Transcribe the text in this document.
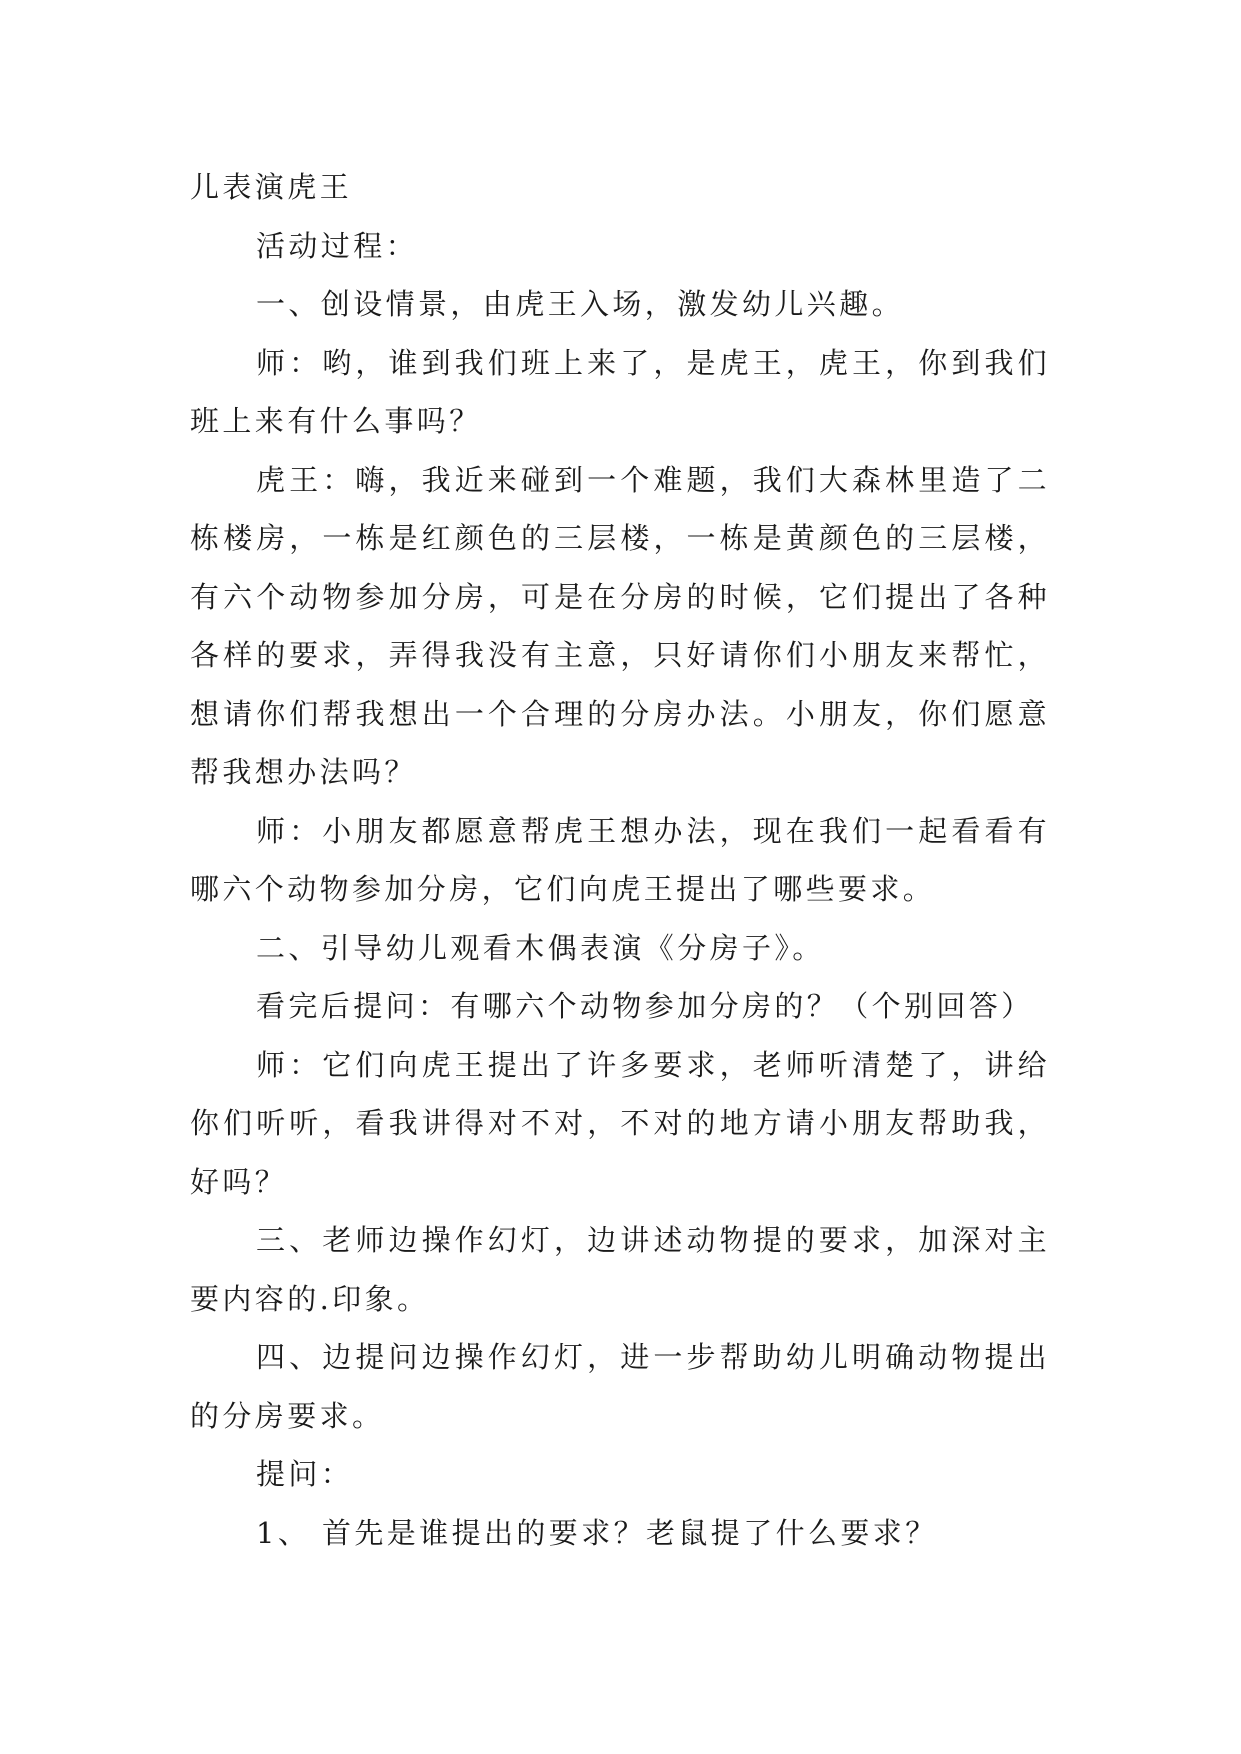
儿表演虎王

活动过程：

一、创设情景，由虎王入场，激发幼儿兴趣。

师：哟，谁到我们班上来了，是虎王，虎王，你到我们班上来有什么事吗？

虎王：嗨，我近来碰到一个难题，我们大森林里造了二栋楼房，一栋是红颜色的三层楼，一栋是黄颜色的三层楼，有六个动物参加分房，可是在分房的时候，它们提出了各种各样的要求，弄得我没有主意，只好请你们小朋友来帮忙，想请你们帮我想出一个合理的分房办法。小朋友，你们愿意帮我想办法吗？

师：小朋友都愿意帮虎王想办法，现在我们一起看看有哪六个动物参加分房，它们向虎王提出了哪些要求。

二、引导幼儿观看木偶表演《分房子》。

看完后提问：有哪六个动物参加分房的？（个别回答）

师：它们向虎王提出了许多要求，老师听清楚了，讲给你们听听，看我讲得对不对，不对的地方请小朋友帮助我，好吗？

三、老师边操作幻灯，边讲述动物提的要求，加深对主要内容的.印象。

四、边提问边操作幻灯，进一步帮助幼儿明确动物提出的分房要求。

提问：

1、 首先是谁提出的要求？老鼠提了什么要求？
